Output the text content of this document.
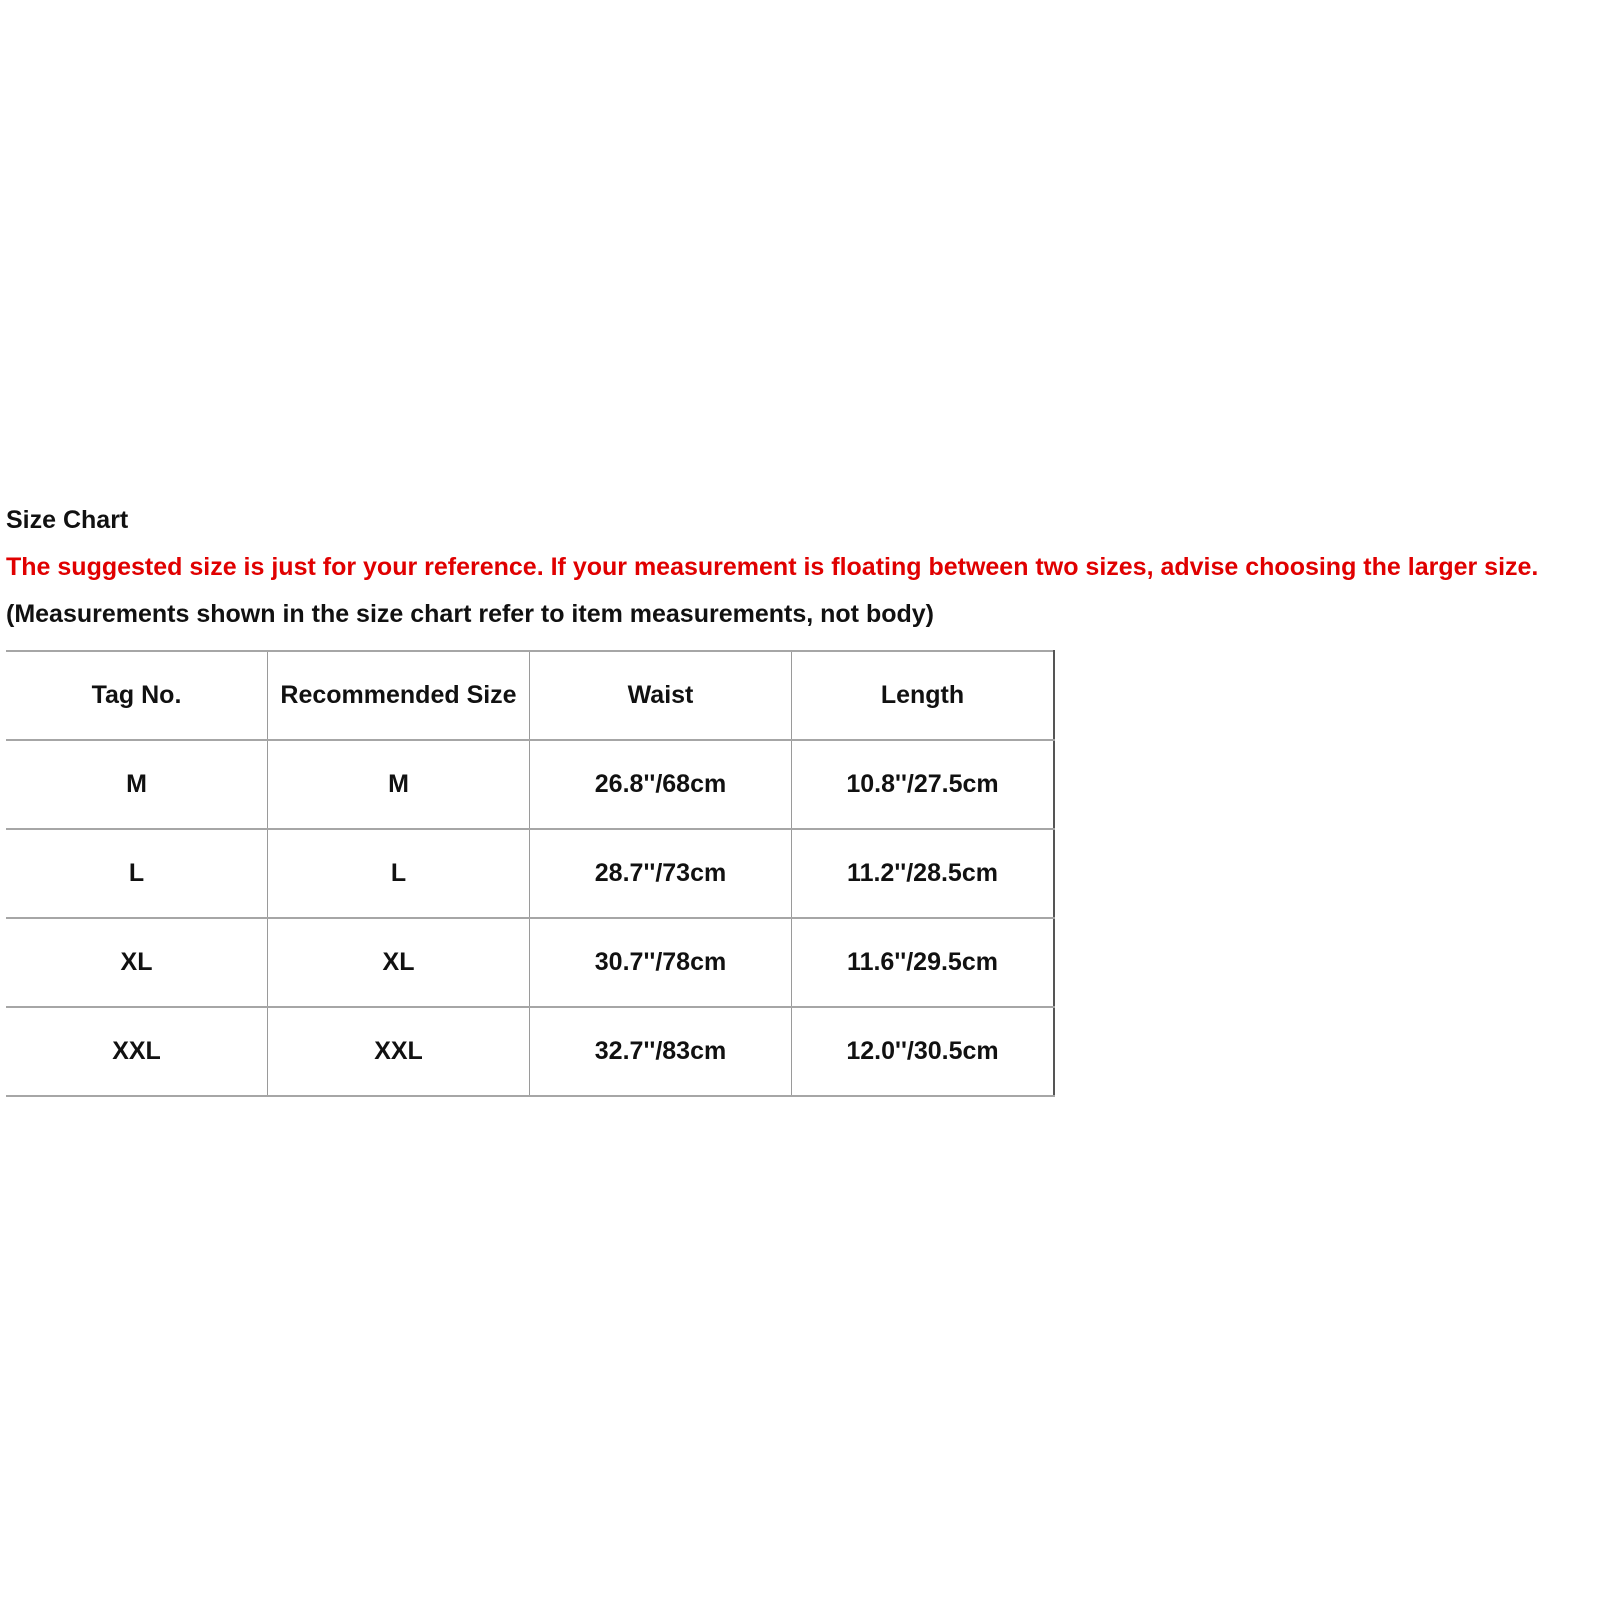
Size Chart
The suggested size is just for your reference. If your measurement is floating between two sizes, advise choosing the larger size.
(Measurements shown in the size chart refer to item measurements, not body)
Tag No.	Recommended Size	Waist	Length
M	M	26.8''/68cm	10.8''/27.5cm
L	L	28.7''/73cm	11.2''/28.5cm
XL	XL	30.7''/78cm	11.6''/29.5cm
XXL	XXL	32.7''/83cm	12.0''/30.5cm
